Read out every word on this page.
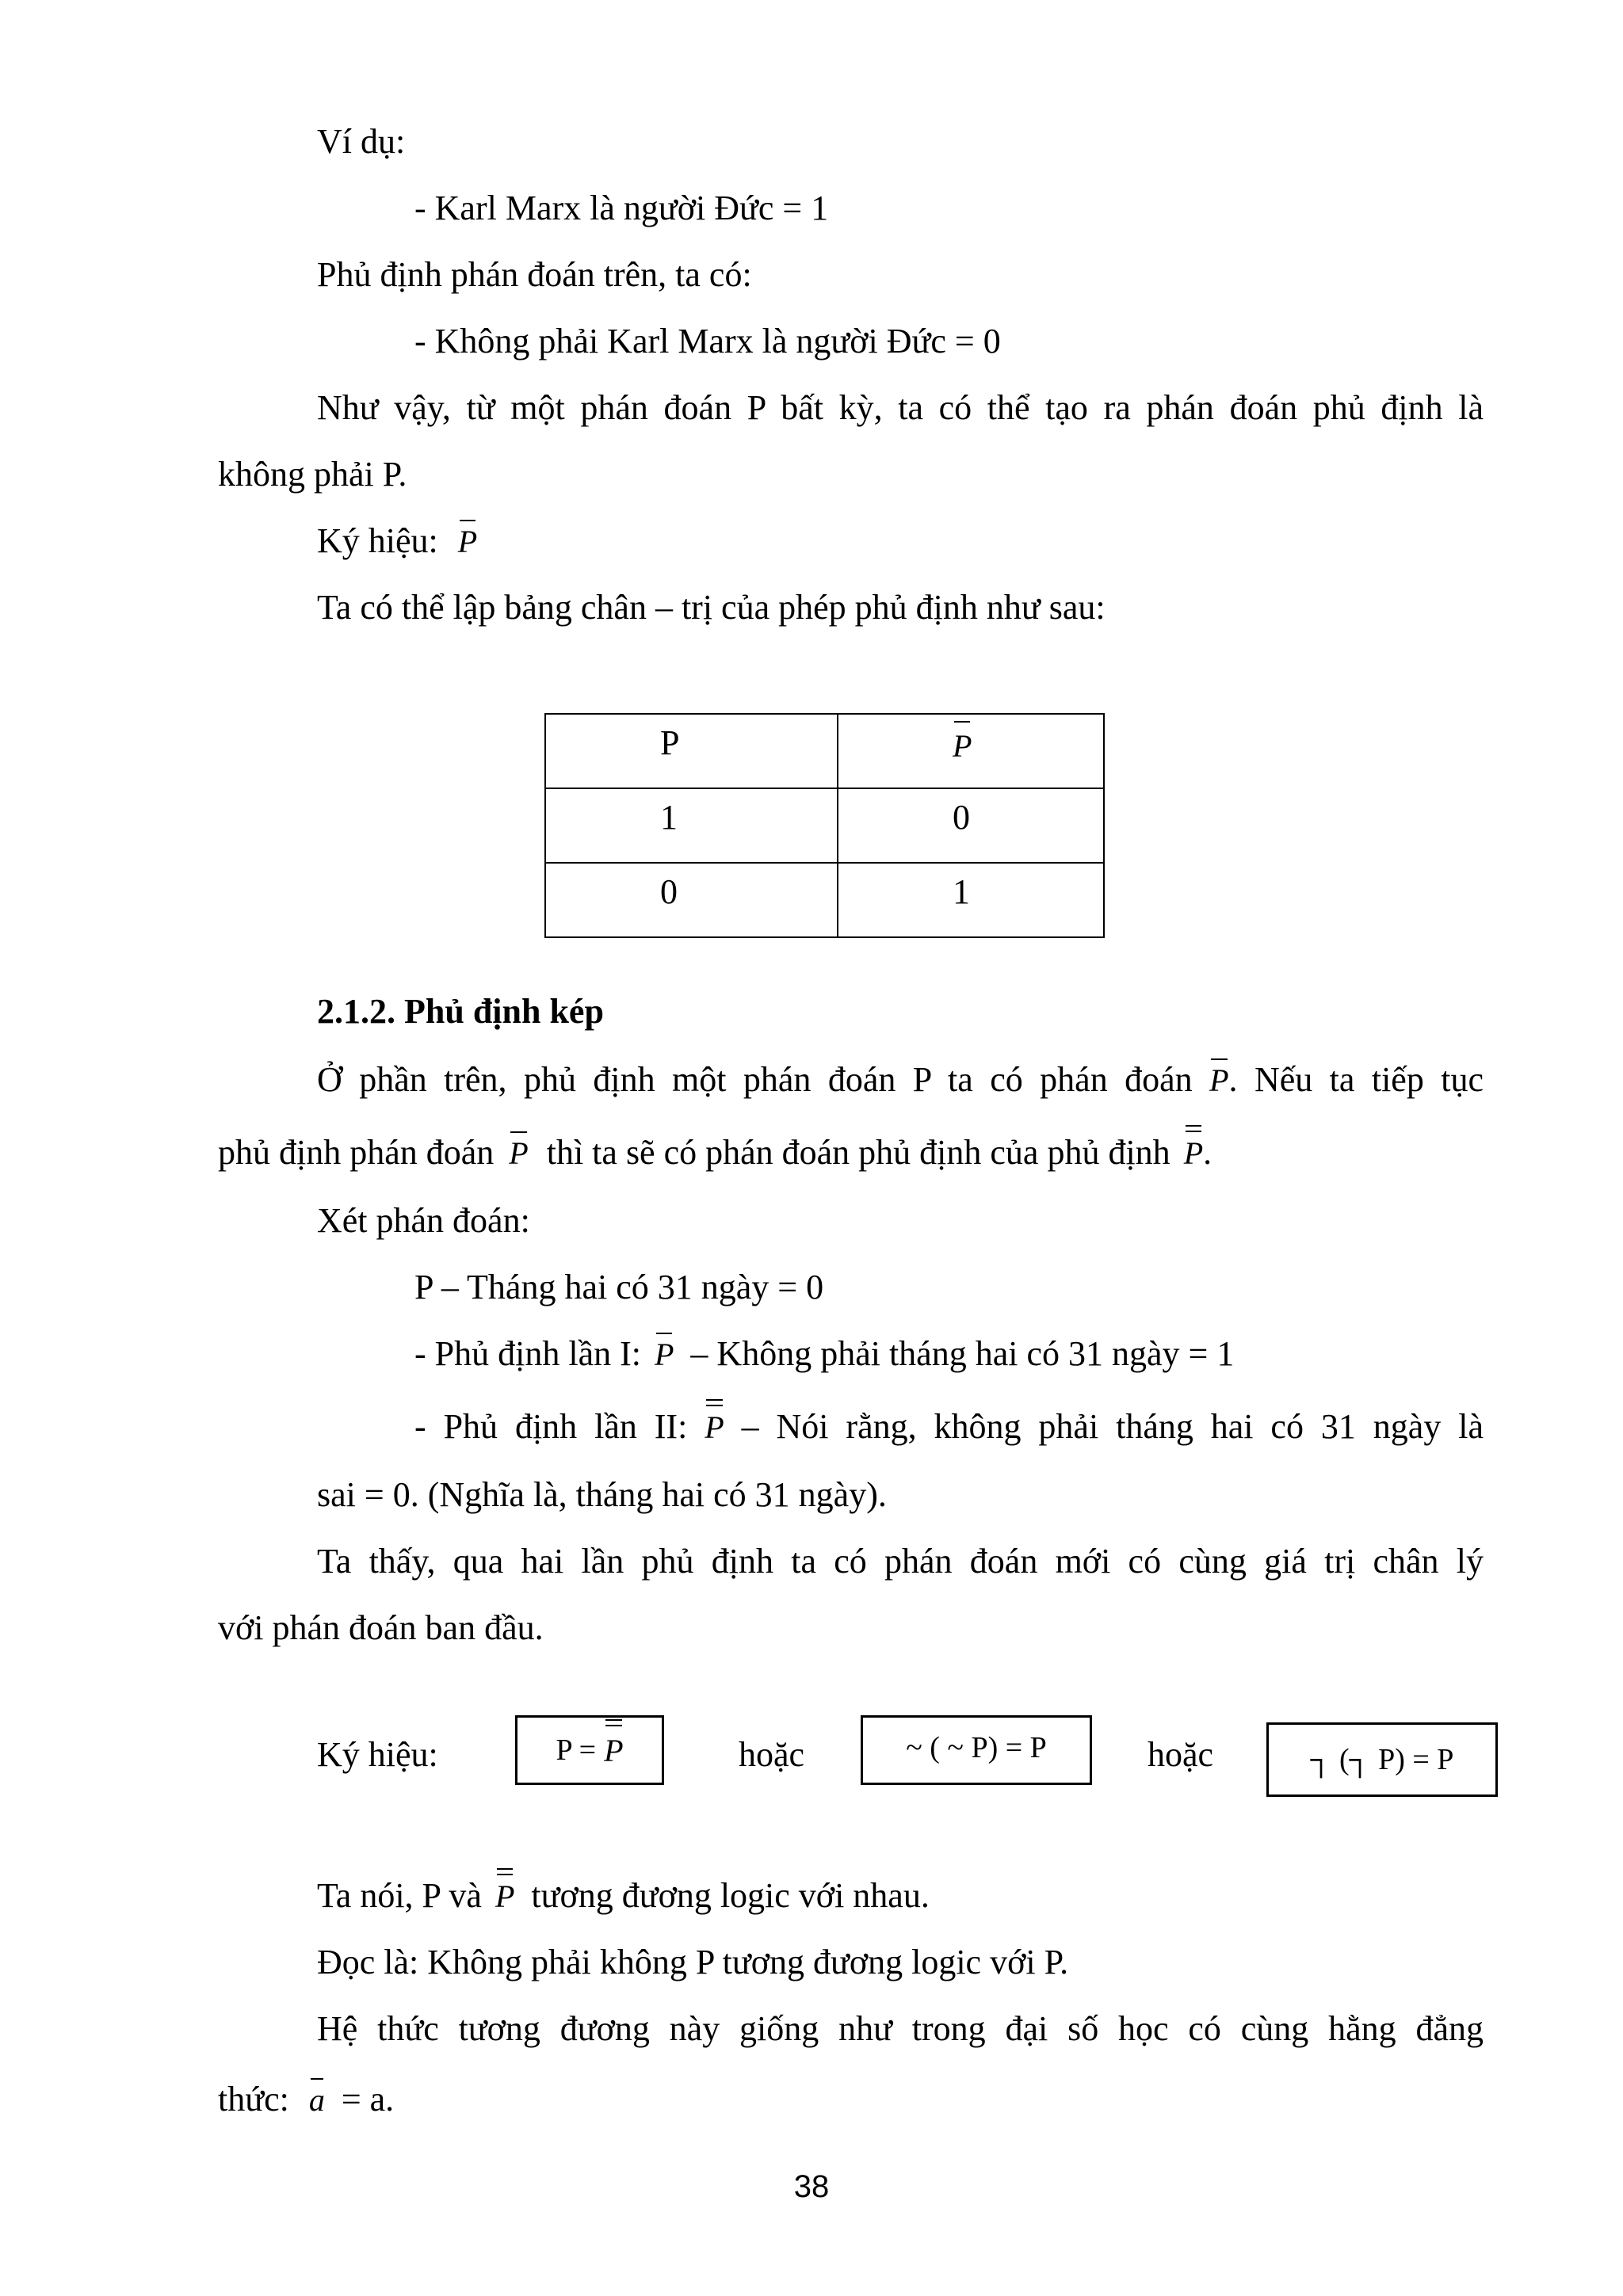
Ví dụ:
- Karl Marx là người Đức = 1
Phủ định phán đoán trên, ta có:
- Không phải Karl Marx là người Đức = 0
Như vậy, từ một phán đoán P bất kỳ, ta có thể tạo ra phán đoán phủ định là
không phải P.
Ký hiệu: P
Ta có thể lập bảng chân – trị của phép phủ định như sau:
P	P
1	0
0	1
2.1.2. Phủ định kép
Ở phần trên, phủ định một phán đoán P ta có phán đoán P. Nếu ta tiếp tục
phủ định phán đoán P thì ta sẽ có phán đoán phủ định của phủ định P.
Xét phán đoán:
P – Tháng hai có 31 ngày = 0
- Phủ định lần I: P – Không phải tháng hai có 31 ngày = 1
- Phủ định lần II: P – Nói rằng, không phải tháng hai có 31 ngày là
sai = 0. (Nghĩa là, tháng hai có 31 ngày).
Ta thấy, qua hai lần phủ định ta có phán đoán mới có cùng giá trị chân lý
với phán đoán ban đầu.
Ký hiệu:	P = P	hoặc	~ ( ~ P) = P	hoặc	┐ (┐ P) = P
Ta nói, P và P tương đương logic với nhau.
Đọc là: Không phải không P tương đương logic với P.
Hệ thức tương đương này giống như trong đại số học có cùng hằng đẳng
thức: a = a.
38
